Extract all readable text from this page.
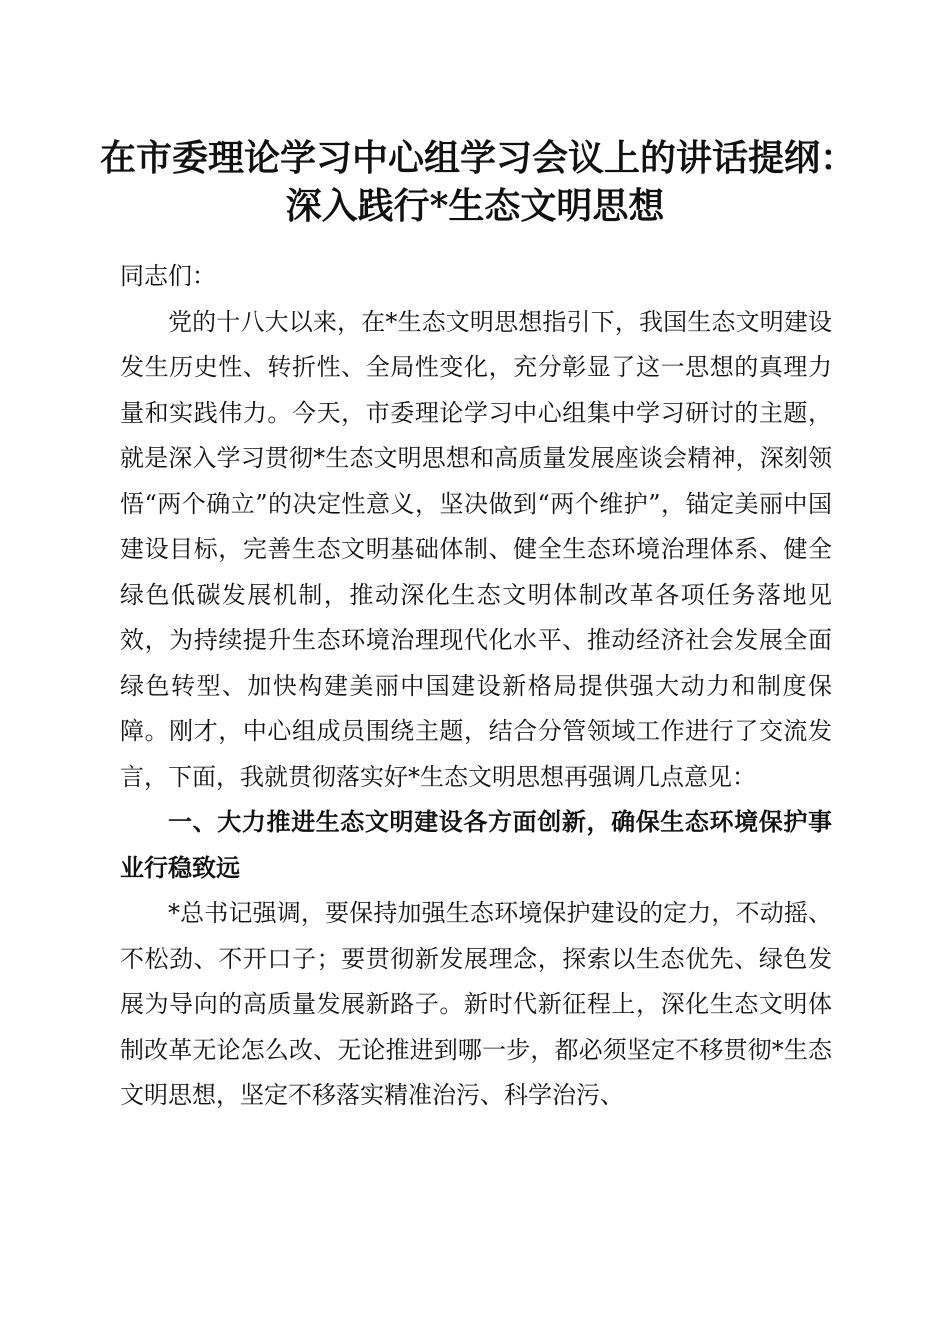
在市委理论学习中心组学习会议上的讲话提纲：
深入践行*生态文明思想

同志们：

党的十八大以来，在*生态文明思想指引下，我国生态文明建设发生历史性、转折性、全局性变化，充分彰显了这一思想的真理力量和实践伟力。今天，市委理论学习中心组集中学习研讨的主题，就是深入学习贯彻*生态文明思想和高质量发展座谈会精神，深刻领悟“两个确立”的决定性意义，坚决做到“两个维护”，锚定美丽中国建设目标，完善生态文明基础体制、健全生态环境治理体系、健全绿色低碳发展机制，推动深化生态文明体制改革各项任务落地见效，为持续提升生态环境治理现代化水平、推动经济社会发展全面绿色转型、加快构建美丽中国建设新格局提供强大动力和制度保障。刚才，中心组成员围绕主题，结合分管领域工作进行了交流发言，下面，我就贯彻落实好*生态文明思想再强调几点意见：

一、大力推进生态文明建设各方面创新，确保生态环境保护事业行稳致远

*总书记强调，要保持加强生态环境保护建设的定力，不动摇、不松劲、不开口子；要贯彻新发展理念，探索以生态优先、绿色发展为导向的高质量发展新路子。新时代新征程上，深化生态文明体制改革无论怎么改、无论推进到哪一步，都必须坚定不移贯彻*生态文明思想，坚定不移落实精准治污、科学治污、
